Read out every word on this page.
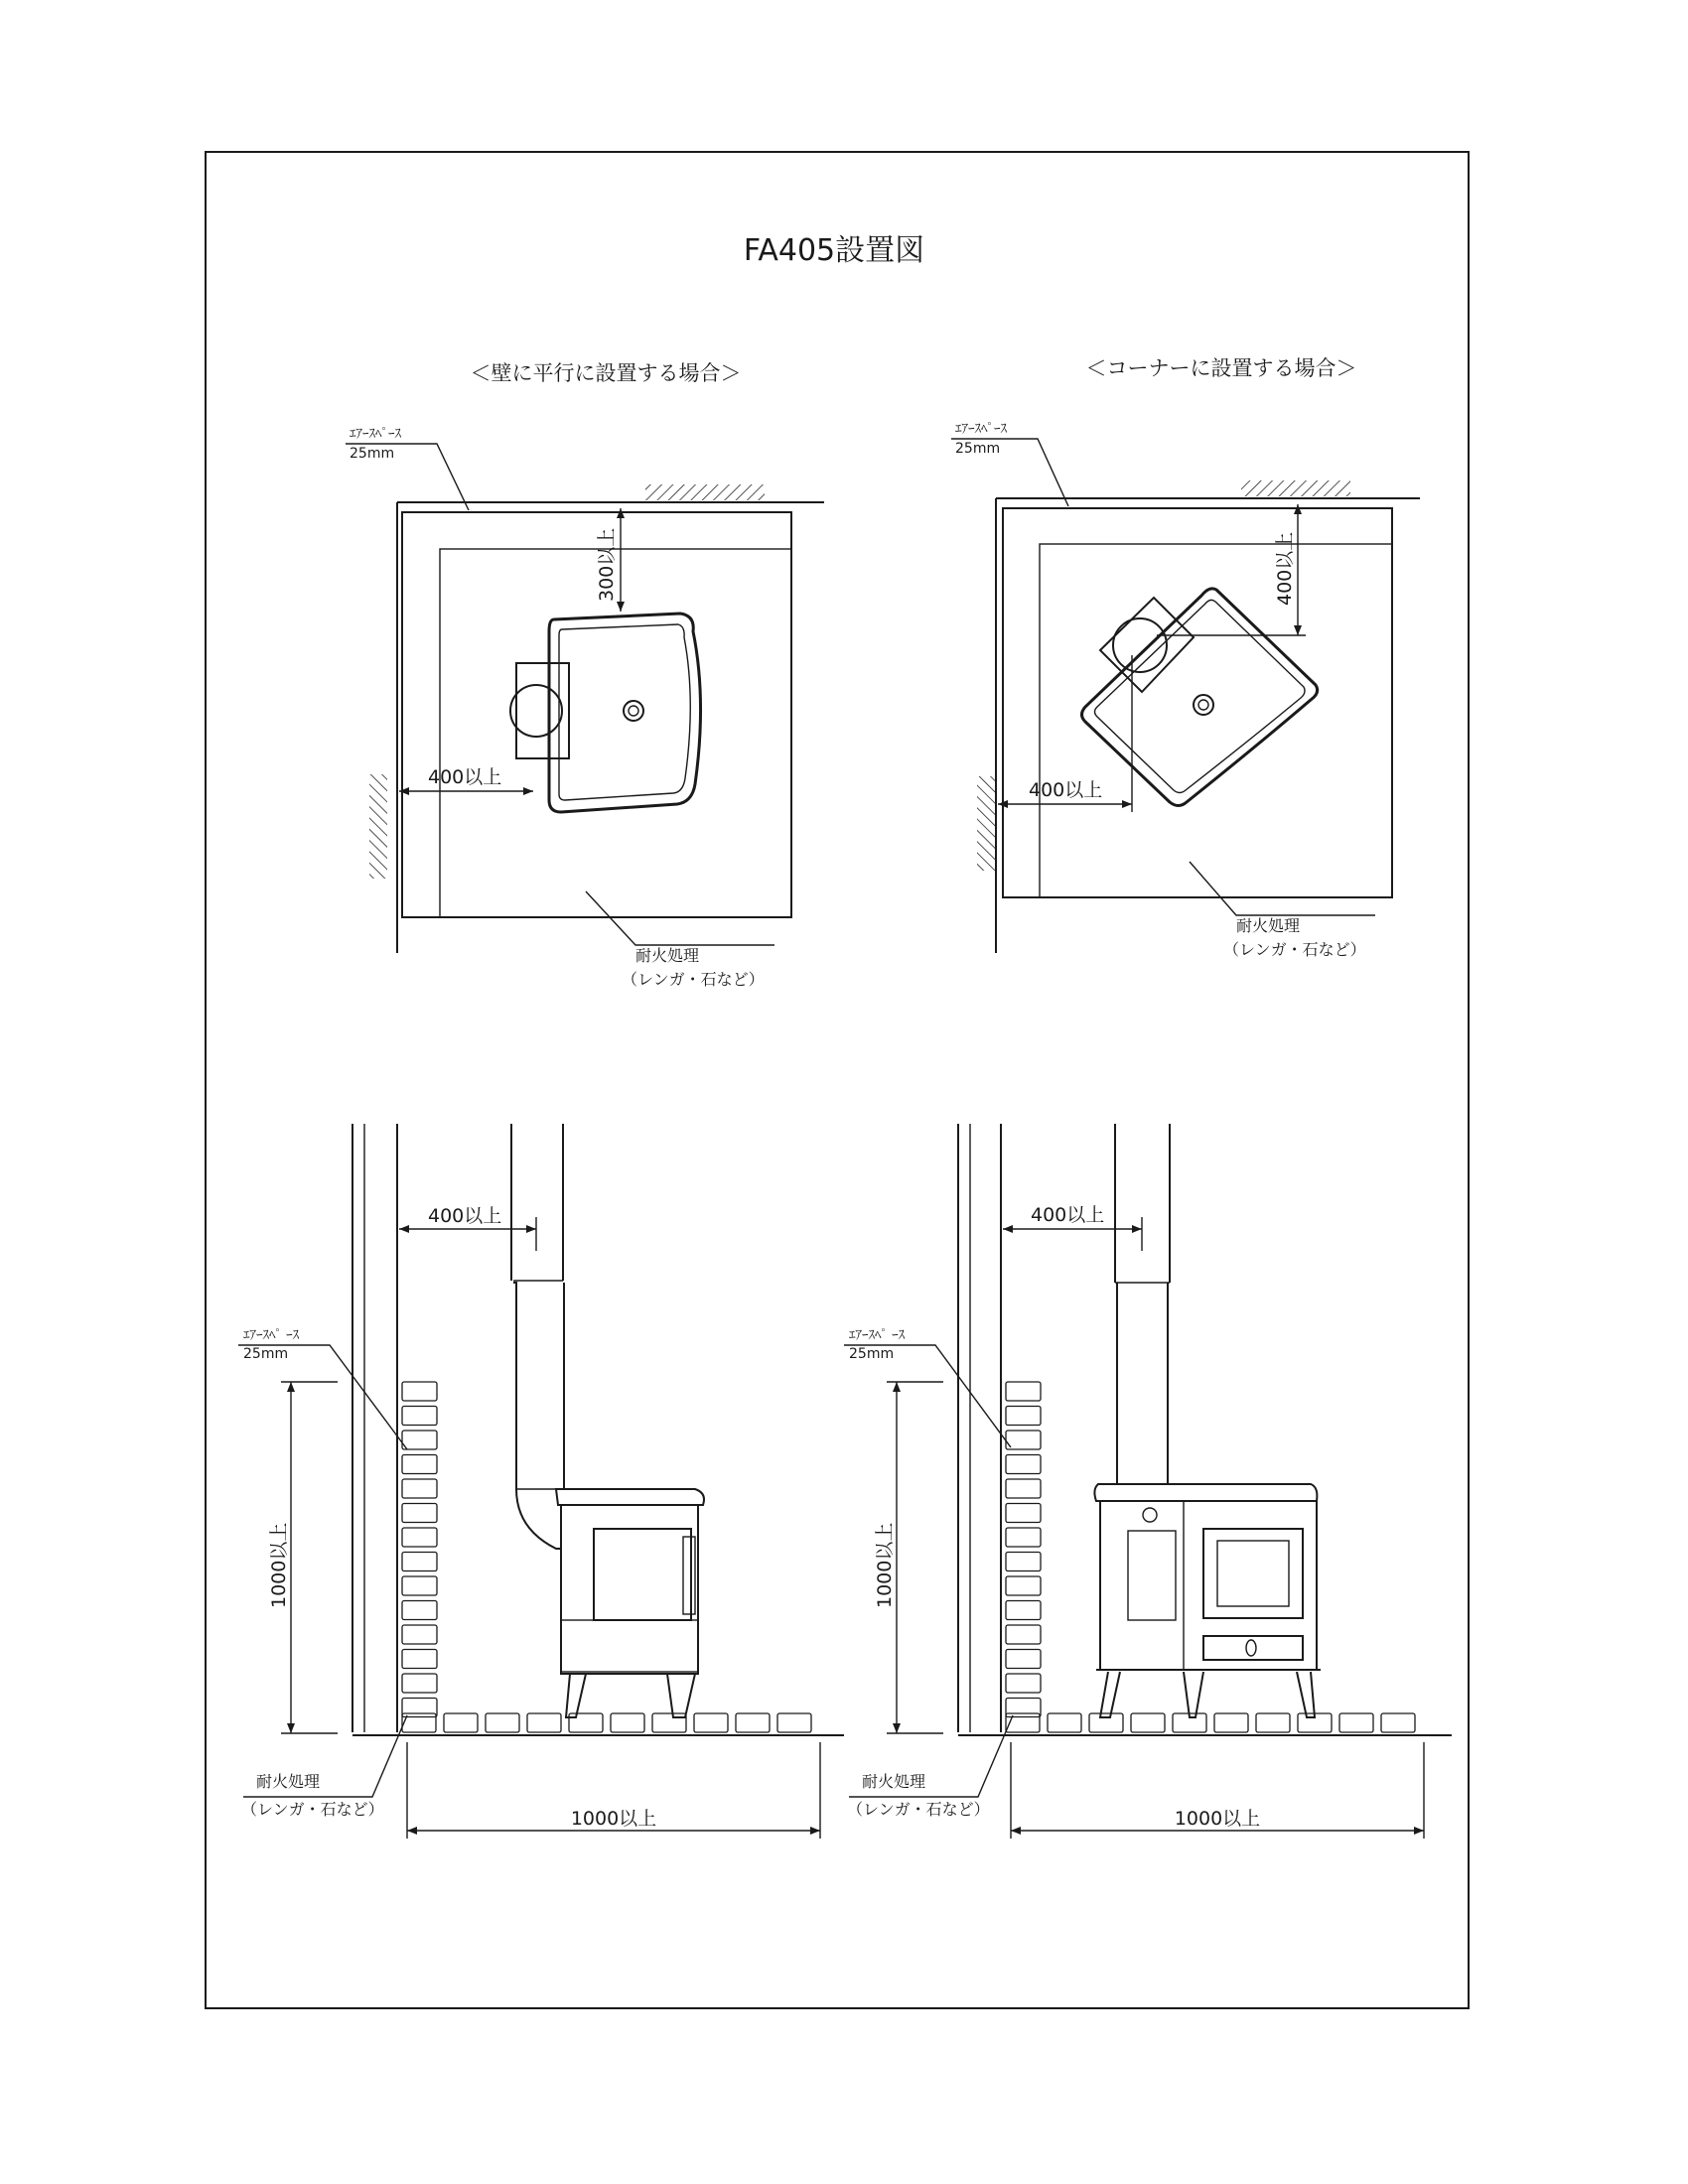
FA405設置図
＜壁に平行に設置する場合＞
ｴｱｰｽﾍﾟｰｽ
25mm
300以上
400以上
耐火処理
（レンガ・石など）
＜コーナーに設置する場合＞
ｴｱｰｽﾍﾟｰｽ
25mm
400以上
400以上
耐火処理
（レンガ・石など）
400以上
ｴｱｰｽﾍﾟ ｰｽ
25mm
1000以上
耐火処理
（レンガ・石など）	1000以上
400以上
ｴｱｰｽﾍﾟ ｰｽ
25mm
1000以上
耐火処理
（レンガ・石など）	1000以上
